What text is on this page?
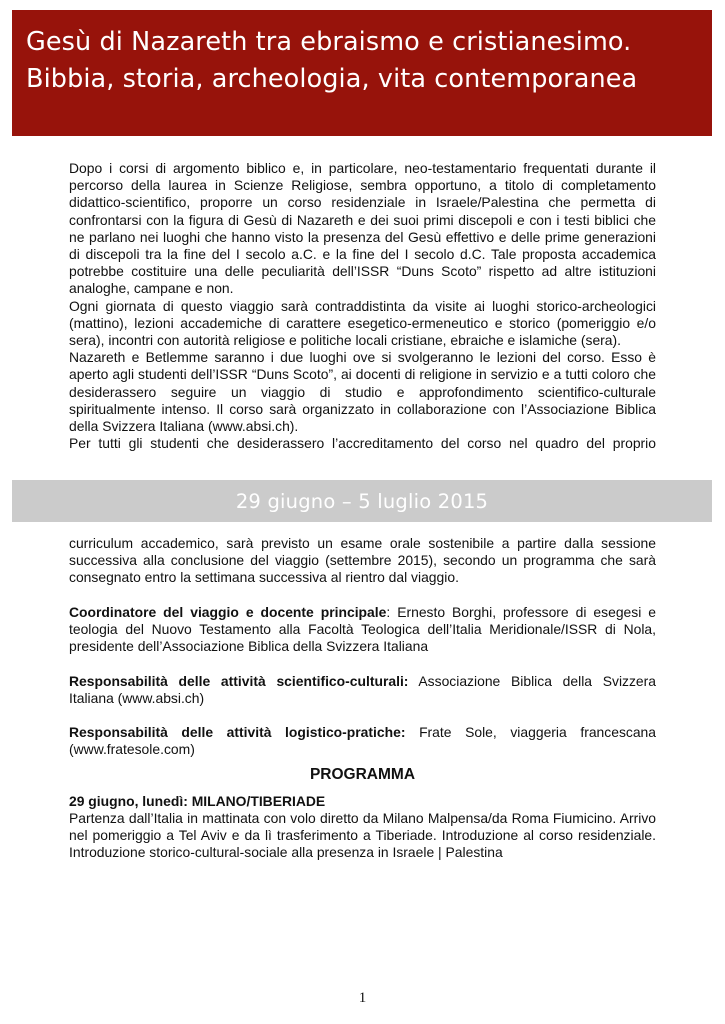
Gesù di Nazareth tra ebraismo e cristianesimo.
Bibbia, storia, archeologia, vita contemporanea

Dopo i corsi di argomento biblico e, in particolare, neo-testamentario frequentati durante il percorso della laurea in Scienze Religiose, sembra opportuno, a titolo di completamento didattico-scientifico, proporre un corso residenziale in Israele/Palestina che permetta di confrontarsi con la figura di Gesù di Nazareth e dei suoi primi discepoli e con i testi biblici che ne parlano nei luoghi che hanno visto la presenza del Gesù effettivo e delle prime generazioni di discepoli tra la fine del I secolo a.C. e la fine del I secolo d.C. Tale proposta accademica potrebbe costituire una delle peculiarità dell’ISSR “Duns Scoto” rispetto ad altre istituzioni analoghe, campane e non.

Ogni giornata di questo viaggio sarà contraddistinta da visite ai luoghi storico-archeologici (mattino), lezioni accademiche di carattere esegetico-ermeneutico e storico (pomeriggio e/o sera), incontri con autorità religiose e politiche locali cristiane, ebraiche e islamiche (sera).

Nazareth e Betlemme saranno i due luoghi ove si svolgeranno le lezioni del corso. Esso è aperto agli studenti dell’ISSR “Duns Scoto”, ai docenti di religione in servizio e a tutti coloro che desiderassero seguire un viaggio di studio e approfondimento scientifico-culturale spiritualmente intenso. Il corso sarà organizzato in collaborazione con l’Associazione Biblica della Svizzera Italiana (www.absi.ch).

Per tutti gli studenti che desiderassero l’accreditamento del corso nel quadro del proprio

29 giugno – 5 luglio 2015

curriculum accademico, sarà previsto un esame orale sostenibile a partire dalla sessione successiva alla conclusione del viaggio (settembre 2015), secondo un programma che sarà consegnato entro la settimana successiva al rientro dal viaggio.

Coordinatore del viaggio e docente principale: Ernesto Borghi, professore di esegesi e teologia del Nuovo Testamento alla Facoltà Teologica dell’Italia Meridionale/ISSR di Nola, presidente dell’Associazione Biblica della Svizzera Italiana

Responsabilità delle attività scientifico-culturali: Associazione Biblica della Svizzera Italiana (www.absi.ch)

Responsabilità delle attività logistico-pratiche: Frate Sole, viaggeria francescana (www.fratesole.com)

PROGRAMMA

29 giugno, lunedì: MILANO/TIBERIADE

Partenza dall’Italia in mattinata con volo diretto da Milano Malpensa/da Roma Fiumicino. Arrivo nel pomeriggio a Tel Aviv e da lì trasferimento a Tiberiade. Introduzione al corso residenziale. Introduzione storico-cultural-sociale alla presenza in Israele | Palestina

1
